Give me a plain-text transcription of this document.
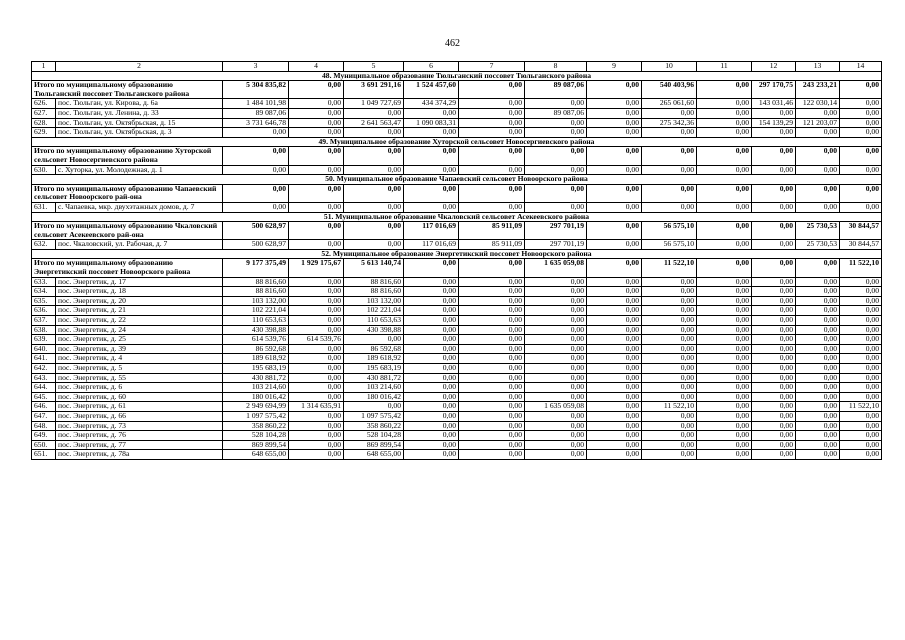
462
1	2	3	4	5	6	7	8	9	10	11	12	13	14
48. Муниципальное образование Тюльганский поссовет Тюльганского района													
Итого по муниципальному образованию Тюльганский поссовет Тюльганского района		5 304 835,82	0,00	3 691 291,16	1 524 457,60	0,00	89 087,06	0,00	540 403,96	0,00	297 170,75	243 233,21	0,00
626.	пос. Тюльган, ул. Кирова, д. 6а	1 484 101,98	0,00	1 049 727,69	434 374,29	0,00	0,00	0,00	265 061,60	0,00	143 031,46	122 030,14	0,00
627.	пос. Тюльган, ул. Ленина, д. 33	89 087,06	0,00	0,00	0,00	0,00	89 087,06	0,00	0,00	0,00	0,00	0,00	0,00
628.	пос. Тюльган, ул. Октябрьская, д. 15	3 731 646,78	0,00	2 641 563,47	1 090 083,31	0,00	0,00	0,00	275 342,36	0,00	154 139,29	121 203,07	0,00
629.	пос. Тюльган, ул. Октябрьская, д. 3	0,00	0,00	0,00	0,00	0,00	0,00	0,00	0,00	0,00	0,00	0,00	0,00
49. Муниципальное образование Хуторской сельсовет Новосергиевского района													
Итого по муниципальному образованию Хуторской сельсовет Новосергиевского района		0,00	0,00	0,00	0,00	0,00	0,00	0,00	0,00	0,00	0,00	0,00	0,00
630.	с. Хуторка, ул. Молодежная, д. 1	0,00	0,00	0,00	0,00	0,00	0,00	0,00	0,00	0,00	0,00	0,00	0,00
50. Муниципальное образование Чапаевский сельсовет Новоорского района													
Итого по муниципальному образованию Чапаевский сельсовет Новоорского рай-она		0,00	0,00	0,00	0,00	0,00	0,00	0,00	0,00	0,00	0,00	0,00	0,00
631.	с. Чапаевка, мкр. двухэтажных домов, д. 7	0,00	0,00	0,00	0,00	0,00	0,00	0,00	0,00	0,00	0,00	0,00	0,00
51. Муниципальное образование Чкаловский сельсовет Асекеевского района													
Итого по муниципальному образованию Чкаловский сельсовет Асекеевского рай-она		500 628,97	0,00	0,00	117 016,69	85 911,09	297 701,19	0,00	56 575,10	0,00	0,00	25 730,53	30 844,57
632.	пос. Чкаловский, ул. Рабочая, д. 7	500 628,97	0,00	0,00	117 016,69	85 911,09	297 701,19	0,00	56 575,10	0,00	0,00	25 730,53	30 844,57
52. Муниципальное образование Энергетикский поссовет Новоорского района													
Итого по муниципальному образованию Энергетикский поссовет Новоорского района		9 177 375,49	1 929 175,67	5 613 140,74	0,00	0,00	1 635 059,08	0,00	11 522,10	0,00	0,00	0,00	11 522,10
633.	пос. Энергетик, д. 17	88 816,60	0,00	88 816,60	0,00	0,00	0,00	0,00	0,00	0,00	0,00	0,00	0,00
634.	пос. Энергетик, д. 18	88 816,60	0,00	88 816,60	0,00	0,00	0,00	0,00	0,00	0,00	0,00	0,00	0,00
635.	пос. Энергетик, д. 20	103 132,00	0,00	103 132,00	0,00	0,00	0,00	0,00	0,00	0,00	0,00	0,00	0,00
636.	пос. Энергетик, д. 21	102 221,04	0,00	102 221,04	0,00	0,00	0,00	0,00	0,00	0,00	0,00	0,00	0,00
637.	пос. Энергетик, д. 22	110 653,63	0,00	110 653,63	0,00	0,00	0,00	0,00	0,00	0,00	0,00	0,00	0,00
638.	пос. Энергетик, д. 24	430 398,88	0,00	430 398,88	0,00	0,00	0,00	0,00	0,00	0,00	0,00	0,00	0,00
639.	пос. Энергетик, д. 25	614 539,76	614 539,76	0,00	0,00	0,00	0,00	0,00	0,00	0,00	0,00	0,00	0,00
640.	пос. Энергетик, д. 39	86 592,68	0,00	86 592,68	0,00	0,00	0,00	0,00	0,00	0,00	0,00	0,00	0,00
641.	пос. Энергетик, д. 4	189 618,92	0,00	189 618,92	0,00	0,00	0,00	0,00	0,00	0,00	0,00	0,00	0,00
642.	пос. Энергетик, д. 5	195 683,19	0,00	195 683,19	0,00	0,00	0,00	0,00	0,00	0,00	0,00	0,00	0,00
643.	пос. Энергетик, д. 55	430 881,72	0,00	430 881,72	0,00	0,00	0,00	0,00	0,00	0,00	0,00	0,00	0,00
644.	пос. Энергетик, д. 6	103 214,60	0,00	103 214,60	0,00	0,00	0,00	0,00	0,00	0,00	0,00	0,00	0,00
645.	пос. Энергетик, д. 60	180 016,42	0,00	180 016,42	0,00	0,00	0,00	0,00	0,00	0,00	0,00	0,00	0,00
646.	пос. Энергетик, д. 61	2 949 694,99	1 314 635,91	0,00	0,00	0,00	1 635 059,08	0,00	11 522,10	0,00	0,00	0,00	11 522,10
647.	пос. Энергетик, д. 66	1 097 575,42	0,00	1 097 575,42	0,00	0,00	0,00	0,00	0,00	0,00	0,00	0,00	0,00
648.	пос. Энергетик, д. 73	358 860,22	0,00	358 860,22	0,00	0,00	0,00	0,00	0,00	0,00	0,00	0,00	0,00
649.	пос. Энергетик, д. 76	528 104,28	0,00	528 104,28	0,00	0,00	0,00	0,00	0,00	0,00	0,00	0,00	0,00
650.	пос. Энергетик, д. 77	869 899,54	0,00	869 899,54	0,00	0,00	0,00	0,00	0,00	0,00	0,00	0,00	0,00
651.	пос. Энергетик, д. 78а	648 655,00	0,00	648 655,00	0,00	0,00	0,00	0,00	0,00	0,00	0,00	0,00	0,00
